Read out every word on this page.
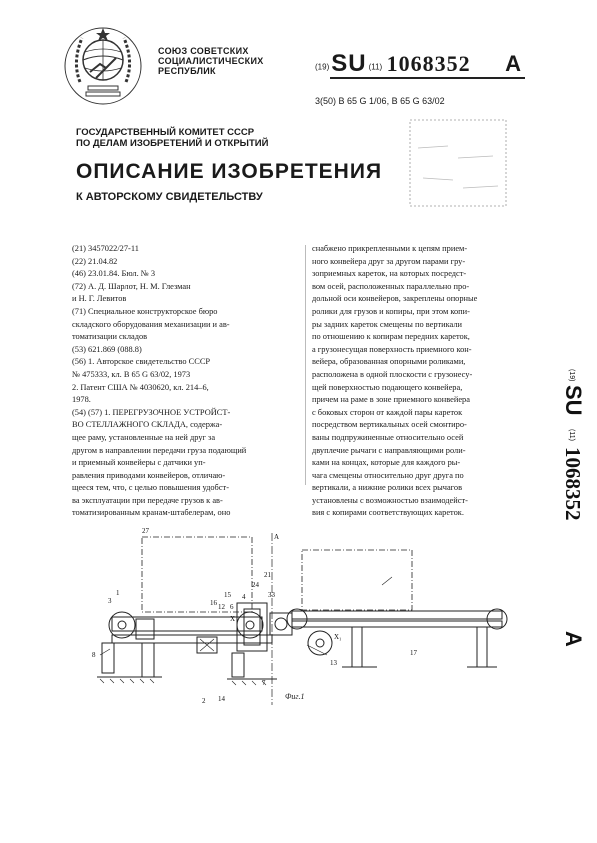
СОЮЗ СОВЕТСКИХ
СОЦИАЛИСТИЧЕСКИХ
РЕСПУБЛИК	(19)SU (11) 1068352 A
3(50) B 65 G 1/06, B 65 G 63/02
ГОСУДАРСТВЕННЫЙ КОМИТЕТ СССР
ПО ДЕЛАМ ИЗОБРЕТЕНИЙ И ОТКРЫТИЙ
ОПИСАНИЕ ИЗОБРЕТЕНИЯ
К АВТОРСКОМУ СВИДЕТЕЛЬСТВУ
(21) 3457022/27-11
(22) 21.04.82
(46) 23.01.84. Бюл. № 3
(72) А. Д. Шарлот, Н. М. Глезман
и Н. Г. Левитов
(71) Специальное конструкторское бюро
складского оборудования механизации и ав-
томатизации складов
(53) 621.869 (088.8)
(56) 1. Авторское свидетельство СССР
№ 475333, кл. В 65 G 63/02, 1973
2. Патент США № 4030620, кл. 214–6,
1978.
(54) (57) 1. ПЕРЕГРУЗОЧНОЕ УСТРОЙСТ-
ВО СТЕЛЛАЖНОГО СКЛАДА, содержа-
щее раму, установленные на ней друг за
другом в направлении передачи груза подающий
и приемный конвейеры с датчики уп-
равления приводами конвейеров, отличаю-
щееся тем, что, с целью повышения удобст-
ва эксплуатации при передаче грузов к ав-
томатизированным кранам-штабелерам, оно
снабжено прикрепленными к цепям прием-
ного конвейера друг за другом парами гру-
зоприемных кареток, на которых посредст-
вом осей, расположенных параллельно про-
дольной оси конвейеров, закреплены опорные
ролики для грузов и копиры, при этом копи-
ры задних кареток смещены по вертикали
по отношению к копирам передних кареток,
а грузонесущая поверхность приемного кон-
вейера, образованная опорными роликами,
расположена в одной плоскости с грузонесу-
щей поверхностью подающего конвейера,
причем на раме в зоне приемного конвейера
с боковых сторон от каждой пары кареток
посредством вертикальных осей смонтиро-
ваны подпружиненные относительно осей
двуплечие рычаги с направляющими роли-
ками на концах, которые для каждого ры-
чага смещены относительно друг друга по
вертикали, а нижние ролики всех рычагов
установлены с возможностью взаимодейст-
вия с копирами соответствующих кареток.
(19)
SU
(11)
1068352
A
27
А
1
2
3	4
6
7
8
12
13
14
15
16
17
21
24
33
Х
Х₁
Фиг.1
